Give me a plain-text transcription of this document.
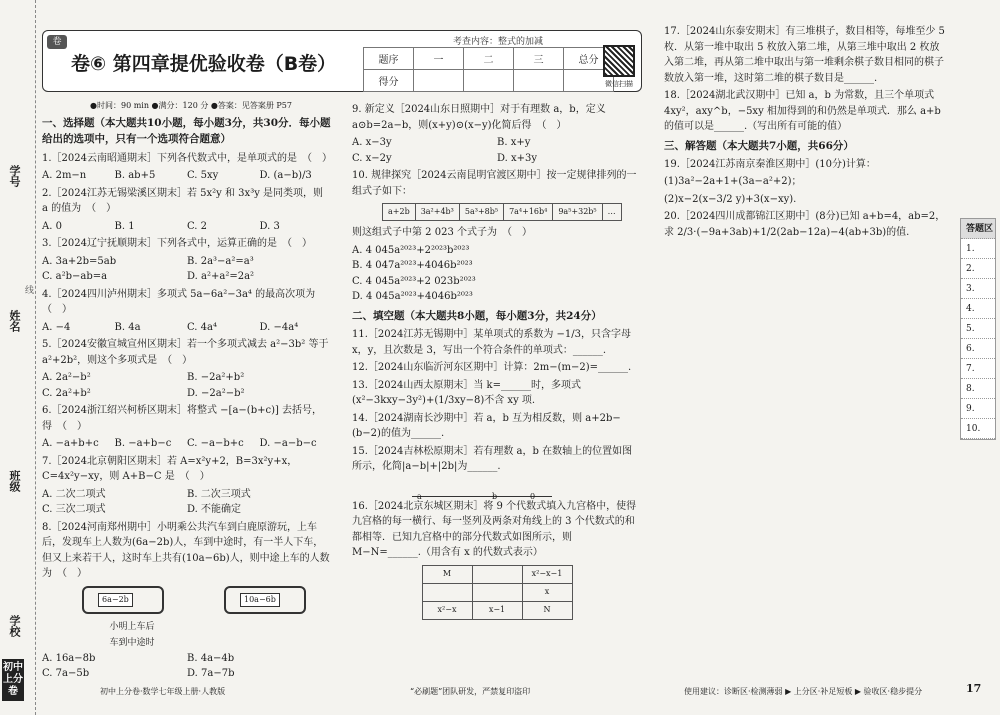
学号
姓名
班级
学校
线
初中上分卷
卷
卷⑥ 第四章提优验收卷（B卷）
考查内容：整式的加减
题序	一	二	三	总分
得分					微信扫描
●时间：90 min ●满分：120 分 ●答案：见答案册 P57
一、选择题（本大题共10小题，每小题3分，共30分．每小题给出的选项中，只有一个选项符合题意）
1.［2024云南昭通期末］下列各代数式中，是单项式的是　（　）
A. 2m−n	B. ab+5	C. 5xy	D. (a−b)/3
2.［2024江苏无锡梁溪区期末］若 5x²y 和 3x³y 是同类项，则 a 的值为　（　）
A. 0	B. 1	C. 2	D. 3
3.［2024辽宁抚顺期末］下列各式中，运算正确的是　（　）
A. 3a+2b=5ab	B. 2a³−a²=a³
C. a²b−ab=a	D. a²+a²=2a²
4.［2024四川泸州期末］多项式 5a−6a²−3a⁴ 的最高次项为　（　）
A. −4	B. 4a	C. 4a⁴	D. −4a⁴
5.［2024安徽宣城宣州区期末］若一个多项式减去 a²−3b² 等于 a²+2b²，则这个多项式是　（　）
A. 2a²−b²	B. −2a²+b²
C. 2a²+b²	D. −2a²−b²
6.［2024浙江绍兴柯桥区期末］将整式 −[a−(b+c)] 去括号，得　（　）
A. −a+b+c	B. −a+b−c	C. −a−b+c	D. −a−b−c
7.［2024北京朝阳区期末］若 A=x²y+2，B=3x²y+x，C=4x²y−xy，则 A+B−C 是　（　）
A. 二次二项式	B. 二次三项式
C. 三次二项式	D. 不能确定
8.［2024河南郑州期中］小明乘公共汽车到白鹿原游玩，上车后，发现车上人数为(6a−2b)人，车到中途时，有一半人下车，但又上来若干人，这时车上共有(10a−6b)人，则中途上车的人数为　（　）
6a−2b	10a−6b
小明上车后车到中途时
A. 16a−8b	B. 4a−4b
C. 7a−5b	D. 7a−7b
9. 新定义［2024山东日照期中］对于有理数 a，b，定义 a⊙b=2a−b，则(x+y)⊙(x−y)化简后得　（　）
A. x−3y	B. x+y
C. x−2y	D. x+3y
10. 规律探究［2024云南昆明官渡区期中］按一定规律排列的一组式子如下：
a+2b	3a²+4b³	5a³+8b⁵	7a⁴+16b⁴	9a⁵+32b⁵	…
则这组式子中第 2 023 个式子为　（　）
A. 4 045a²⁰²³+2²⁰²³b²⁰²³
B. 4 047a²⁰²³+4046b²⁰²³
C. 4 045a²⁰²³+2 023b²⁰²³
D. 4 045a²⁰²³+4046b²⁰²³
二、填空题（本大题共8小题，每小题3分，共24分）
11.［2024江苏无锡期中］某单项式的系数为 −1/3，只含字母 x，y，且次数是 3，写出一个符合条件的单项式：______.
12.［2024山东临沂河东区期中］计算：2m−(m−2)=______.
13.［2024山西太原期末］当 k=______时，多项式(x²−3kxy−3y²)+(1/3xy−8)不含 xy 项.
14.［2024湖南长沙期中］若 a，b 互为相反数，则 a+2b−(b−2)的值为______.
15.［2024吉林松原期末］若有理数 a，b 在数轴上的位置如图所示，化简|a−b|+|2b|为______.
a	b	0
16.［2024北京东城区期末］将 9 个代数式填入九宫格中，使得九宫格的每一横行、每一竖列及两条对角线上的 3 个代数式的和都相等．已知九宫格中的部分代数式如图所示，则 M−N=______.（用含有 x 的代数式表示）
M		x²−x−1
		x
x²−x	x−1	N
17.［2024山东泰安期末］有三堆棋子，数目相等，每堆至少 5 枚．从第一堆中取出 5 枚放入第二堆，从第三堆中取出 2 枚放入第二堆，再从第二堆中取出与第一堆剩余棋子数目相同的棋子数放入第一堆，这时第二堆的棋子数目是______.
18.［2024湖北武汉期中］已知 a，b 为常数，且三个单项式 4xy²，axy^b，−5xy 相加得到的和仍然是单项式．那么 a+b 的值可以是______.（写出所有可能的值）
三、解答题（本大题共7小题，共66分）
19.［2024江苏南京秦淮区期中］(10分)计算：
(1)3a²−2a+1+(3a−a²+2)；
(2)x−2(x−3/2 y)+3(x−xy).
20.［2024四川成都锦江区期中］(8分)已知 a+b=4，ab=2，求 2/3·(−9a+3ab)+1/2(2ab−12a)−4(ab+3b)的值.	答题区
1.
2.
3.
4.
5.
6.
7.
8.
9.
10.
初中上分卷·数学七年级上册·人教版	“必刷题”团队研发，严禁复印盗印	使用建议：诊断区·检测薄弱 ▶ 上分区·补足短板 ▶ 验收区·稳步提分	17
